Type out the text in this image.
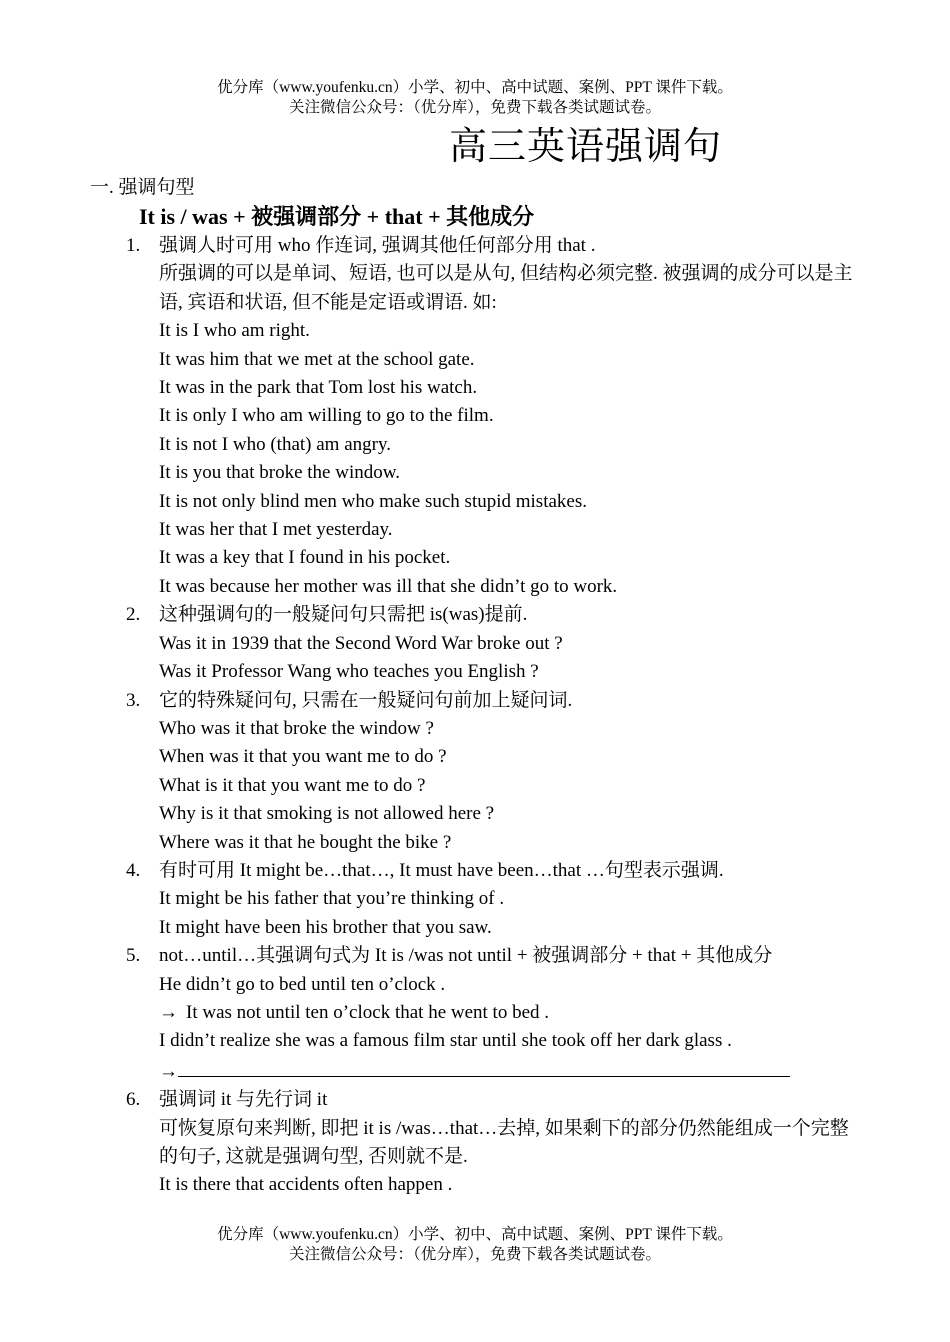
优分库（www.youfenku.cn）小学、初中、高中试题、案例、PPT 课件下载。
关注微信公众号：（优分库），免费下载各类试题试卷。
高三英语强调句
一. 强调句型
It is / was + 被强调部分 + that + 其他成分
1. 强调人时可用 who 作连词, 强调其他任何部分用 that .
所强调的可以是单词、短语, 也可以是从句, 但结构必须完整. 被强调的成分可以是主语, 宾语和状语, 但不能是定语或谓语. 如:
It is I who am right.
It was him that we met at the school gate.
It was in the park that Tom lost his watch.
It is only I who am willing to go to the film.
It is not I who (that) am angry.
It is you that broke the window.
It is not only blind men who make such stupid mistakes.
It was her that I met yesterday.
It was a key that I found in his pocket.
It was because her mother was ill that she didn’t go to work.
2. 这种强调句的一般疑问句只需把 is(was)提前.
Was it in 1939 that the Second Word War broke out ?
Was it Professor Wang who teaches you English ?
3. 它的特殊疑问句, 只需在一般疑问句前加上疑问词.
Who was it that broke the window ?
When was it that you want me to do ?
What is it that you want me to do ?
Why is it that smoking is not allowed here ?
Where was it that he bought the bike ?
4. 有时可用 It might be…that…, It must have been…that …句型表示强调.
It might be his father that you’re thinking of .
It might have been his brother that you saw.
5. not…until…其强调句式为 It is /was not until + 被强调部分 + that + 其他成分
He didn’t go to bed until ten o’clock .
→ It was not until ten o’clock that he went to bed .
I didn’t realize she was a famous film star until she took off her dark glass .
→
6. 强调词 it 与先行词 it
可恢复原句来判断, 即把 it is /was…that…去掉, 如果剩下的部分仍然能组成一个完整的句子, 这就是强调句型, 否则就不是.
It is there that accidents often happen .
优分库（www.youfenku.cn）小学、初中、高中试题、案例、PPT 课件下载。
关注微信公众号：（优分库），免费下载各类试题试卷。
